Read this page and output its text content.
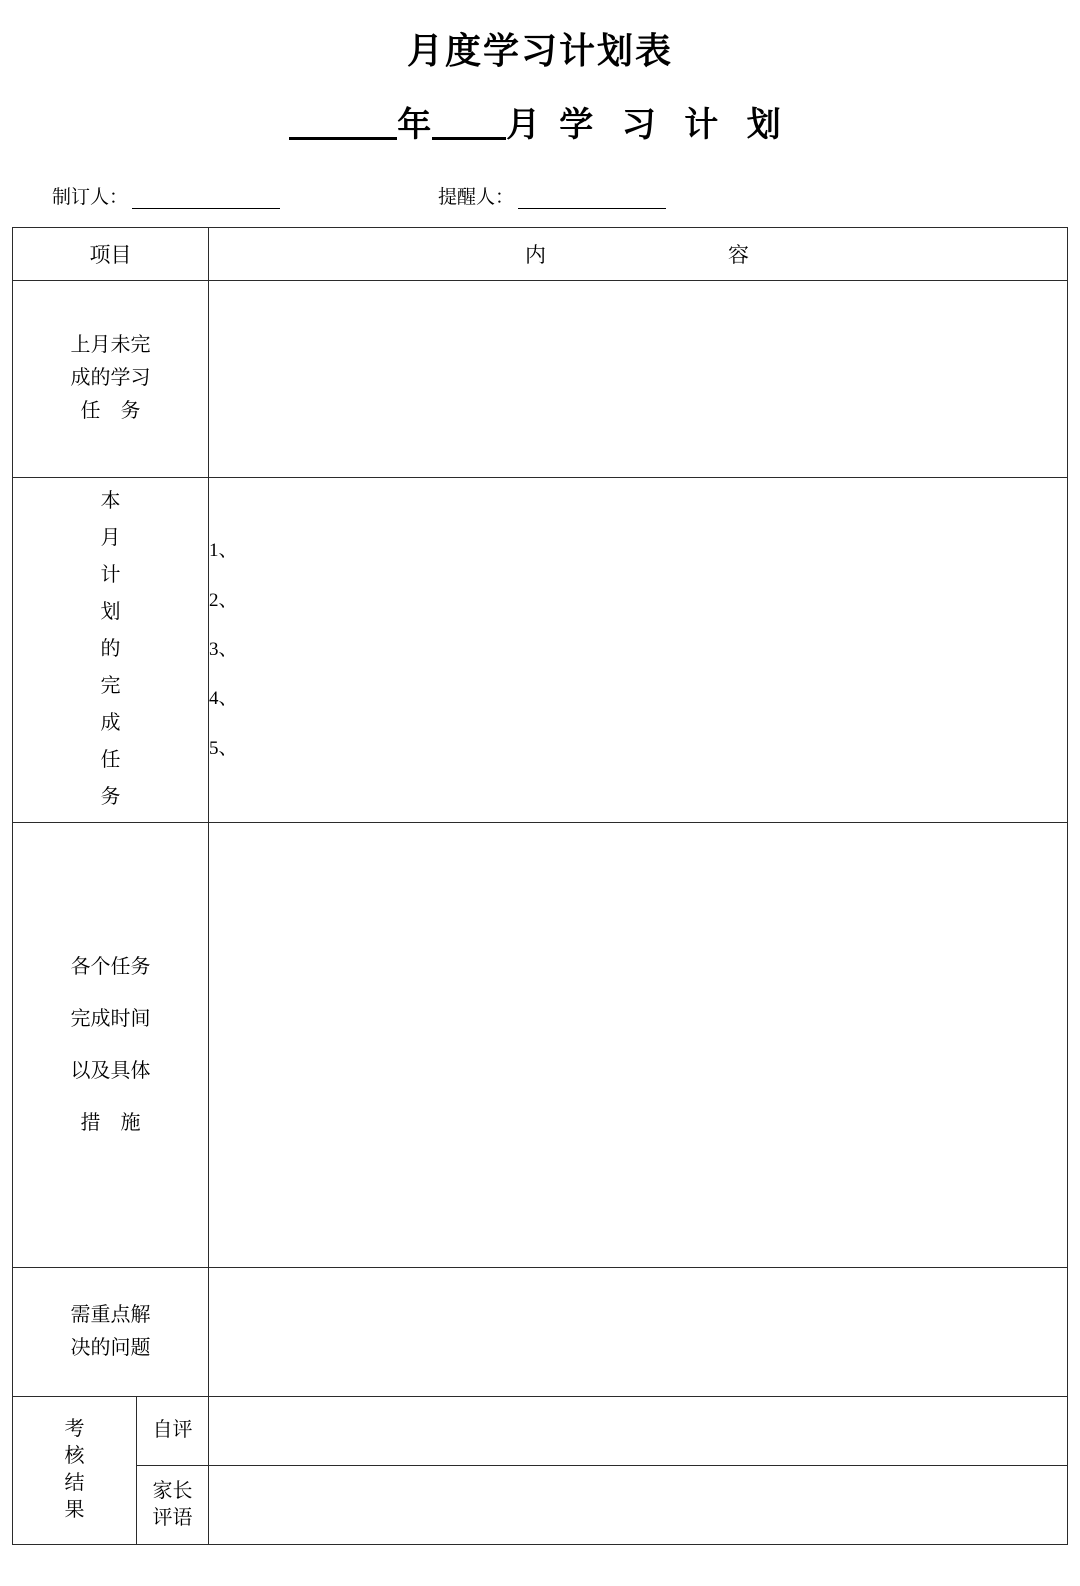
月度学习计划表
年 月 学 习 计 划
制订人：	提醒人：
项目		内 容

上月未完
成的学习
任　务		

本
月
计
划
的
完
成
任
务

1、
2、
3、
4、
5、

各个任务
完成时间
以及具体
措　施		

需重点解
决的问题		

考
核
结
果	自评	

	家长
评语	
